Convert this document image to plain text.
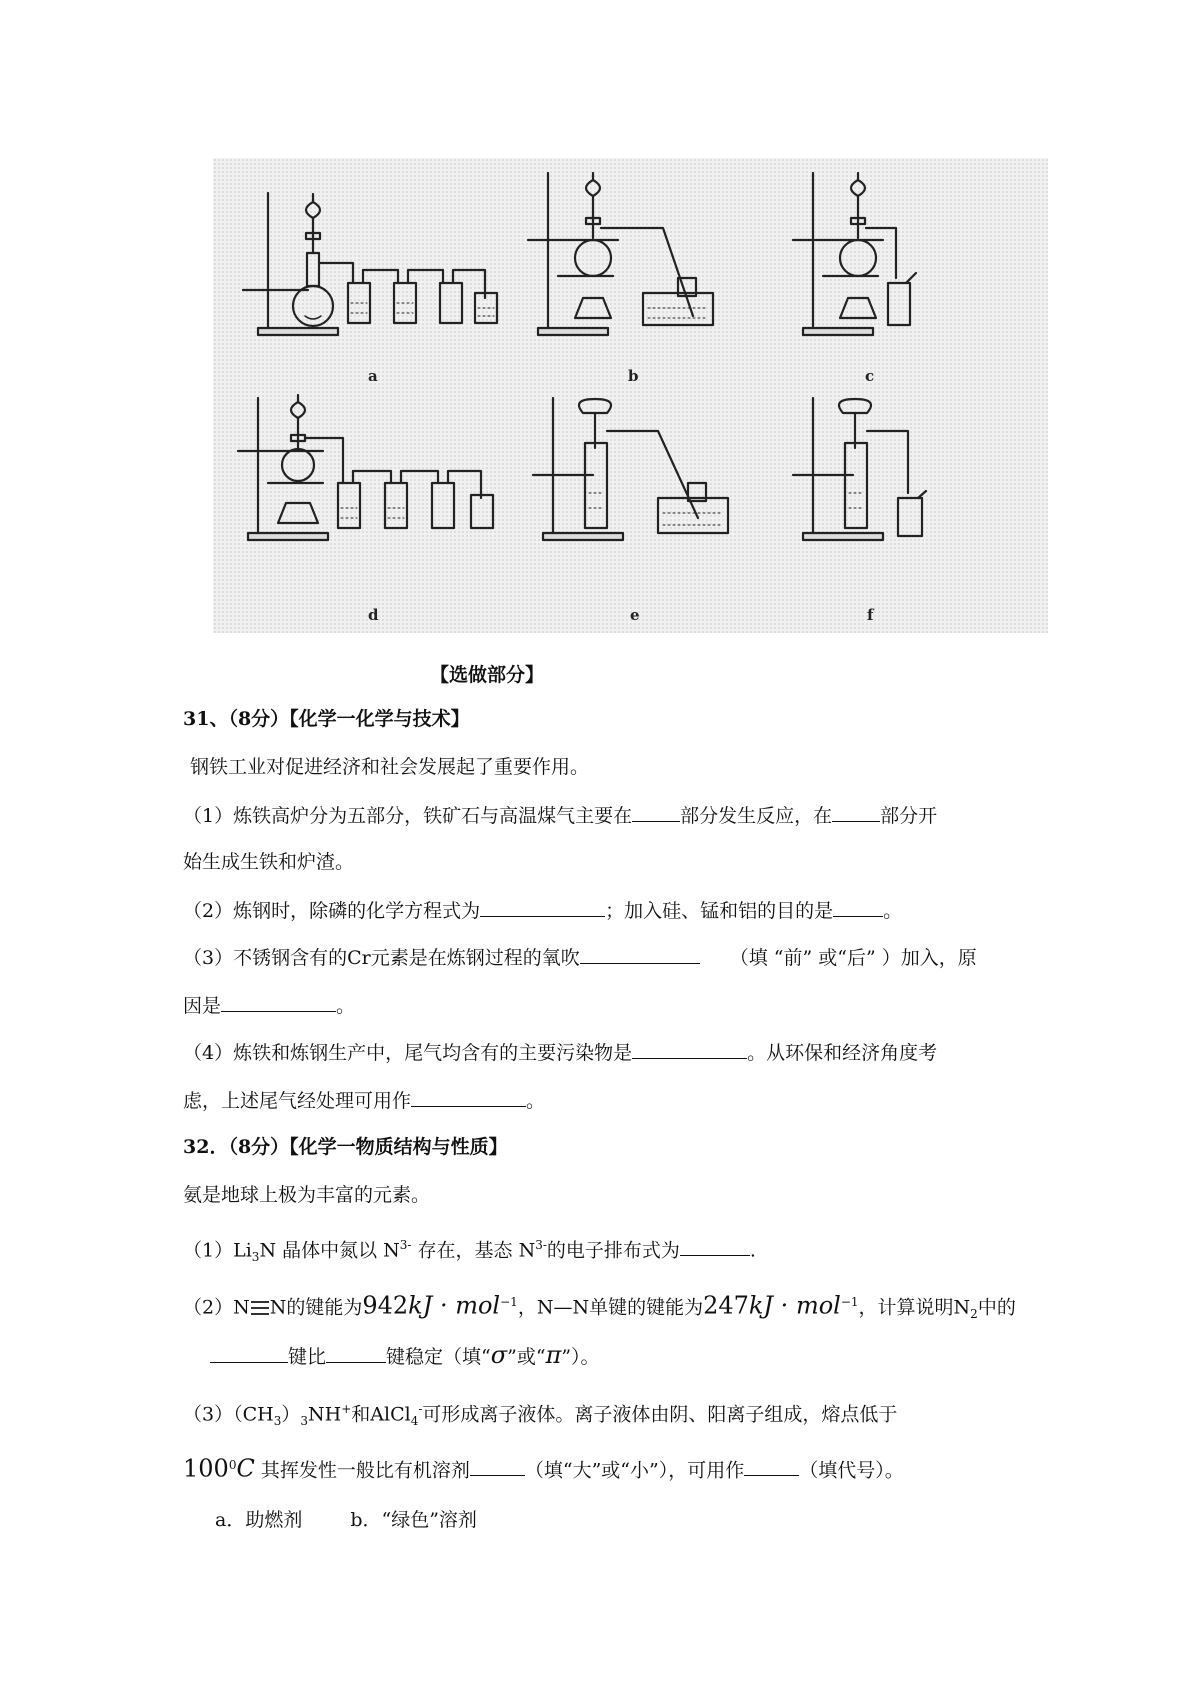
a	b	c
d	e	f
【选做部分】
31、（8分）【化学一化学与技术】
钢铁工业对促进经济和社会发展起了重要作用。
（1）炼铁高炉分为五部分，铁矿石与高温煤气主要在	部分发生反应，在	部分开
始生成生铁和炉渣。
（2）炼钢时，除磷的化学方程式为	；加入硅、锰和铝的目的是	。
（3）不锈钢含有的Cr元素是在炼钢过程的氧吹	（填 “前” 或“后” ）加入，原
因是	。
（4）炼铁和炼钢生产中，尾气均含有的主要污染物是	。从环保和经济角度考
虑，上述尾气经处理可用作	。
32．（8分）【化学一物质结构与性质】
氨是地球上极为丰富的元素。
$(1)Li_3N$ 晶体中氮以 $N^{3-}$ 存在，基态 $N^{3-}$的电子排布式为	.
（2）N N的键能为942kJ · mol$^{-1}$，N—N单键的键能为247kJ · mol$^{-1}$，计算说明$N_2$中的
键比	键稳定（填“σ”或“π”）。
$(3)(CH_3)_3NH^+$和AlCl$_4$-可形成离子液体。离子液体由阴、阳离子组成，熔点低于
$100^0C$ 其挥发性一般比有机溶剂	（填“大”或“小”），可用作	（填代号）。
a．助燃剂	b．“绿色”溶剂
